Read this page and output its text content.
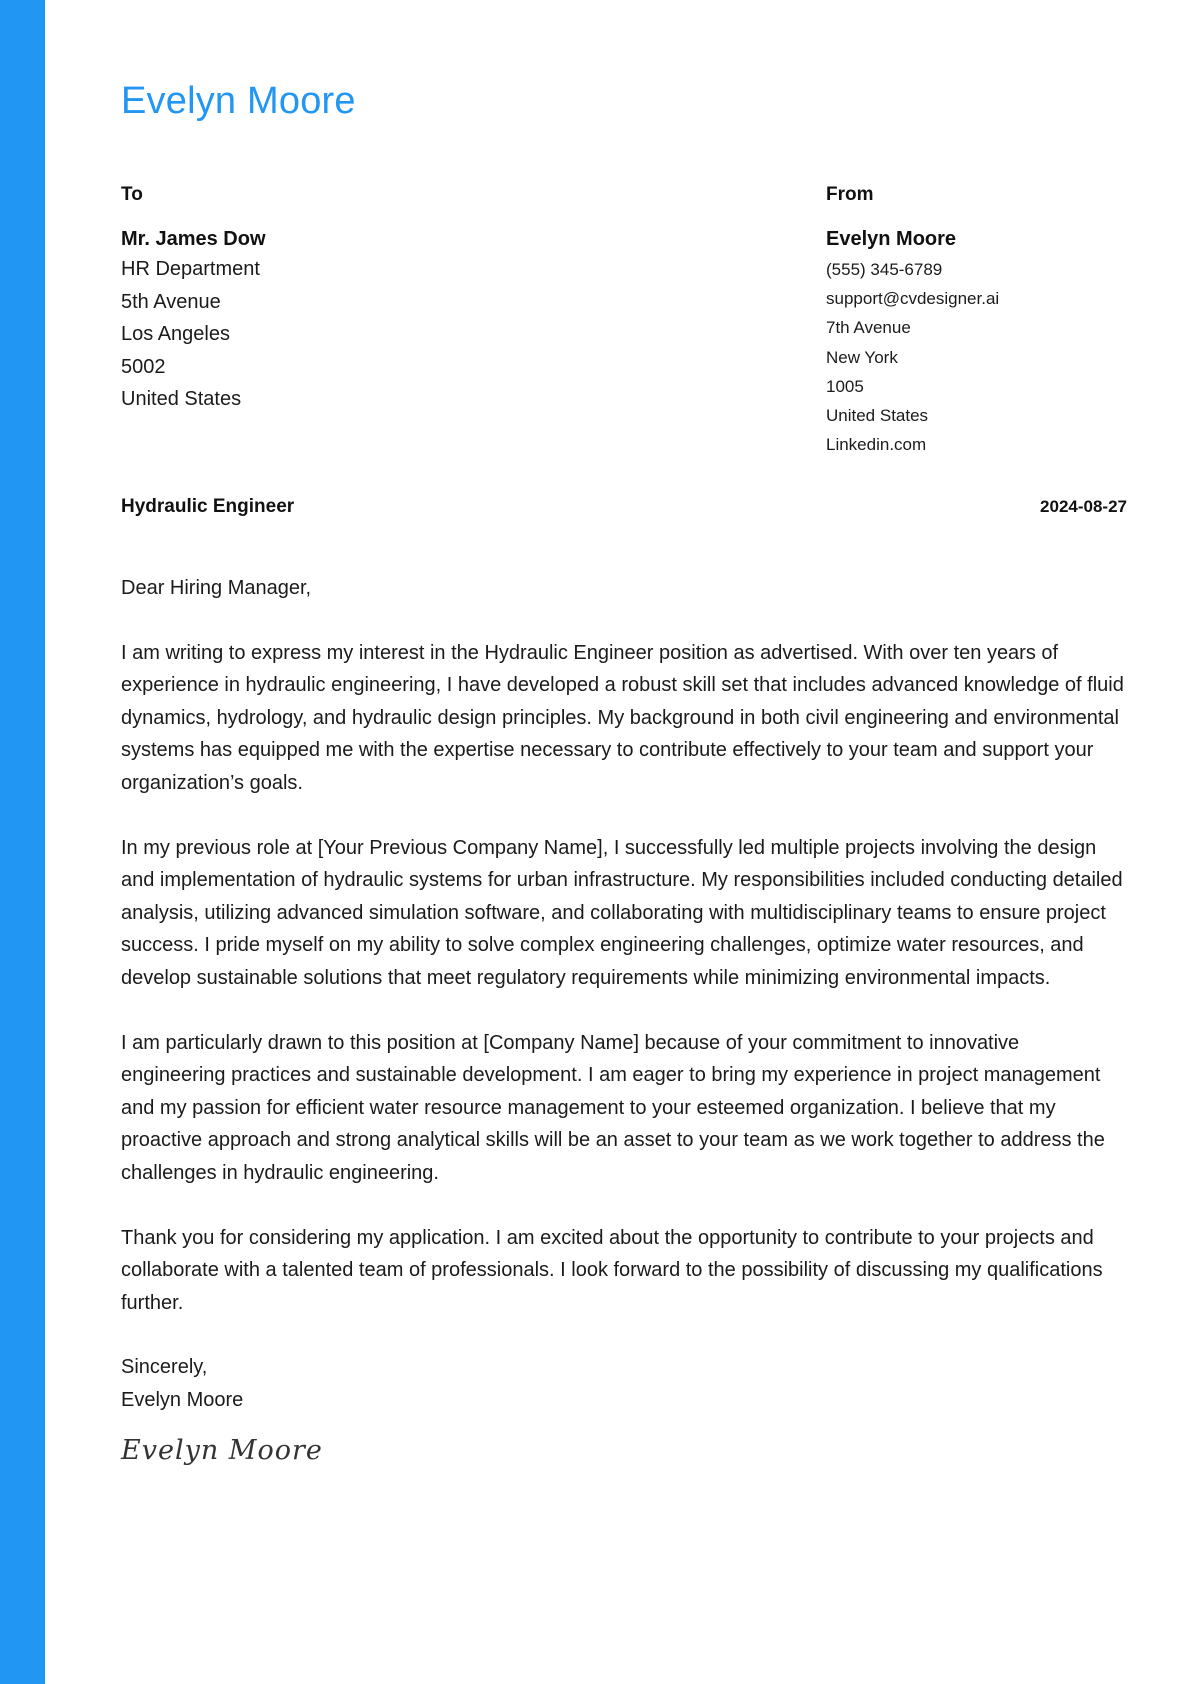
Evelyn Moore

To

Mr. James Dow

HR Department

5th Avenue

Los Angeles

5002

United States

From

Evelyn Moore

(555) 345-6789

support@cvdesigner.ai

7th Avenue

New York

1005

United States

Linkedin.com

Hydraulic Engineer	2024-08-27

Dear Hiring Manager,

I am writing to express my interest in the Hydraulic Engineer position as advertised. With over ten years of experience in hydraulic engineering, I have developed a robust skill set that includes advanced knowledge of fluid dynamics, hydrology, and hydraulic design principles. My background in both civil engineering and environmental systems has equipped me with the expertise necessary to contribute effectively to your team and support your organization’s goals.

In my previous role at [Your Previous Company Name], I successfully led multiple projects involving the design and implementation of hydraulic systems for urban infrastructure. My responsibilities included conducting detailed analysis, utilizing advanced simulation software, and collaborating with multidisciplinary teams to ensure project success. I pride myself on my ability to solve complex engineering challenges, optimize water resources, and develop sustainable solutions that meet regulatory requirements while minimizing environmental impacts.

I am particularly drawn to this position at [Company Name] because of your commitment to innovative engineering practices and sustainable development. I am eager to bring my experience in project management and my passion for efficient water resource management to your esteemed organization. I believe that my proactive approach and strong analytical skills will be an asset to your team as we work together to address the challenges in hydraulic engineering.

Thank you for considering my application. I am excited about the opportunity to contribute to your projects and collaborate with a talented team of professionals. I look forward to the possibility of discussing my qualifications further.

Sincerely,

Evelyn Moore

Evelyn Moore
